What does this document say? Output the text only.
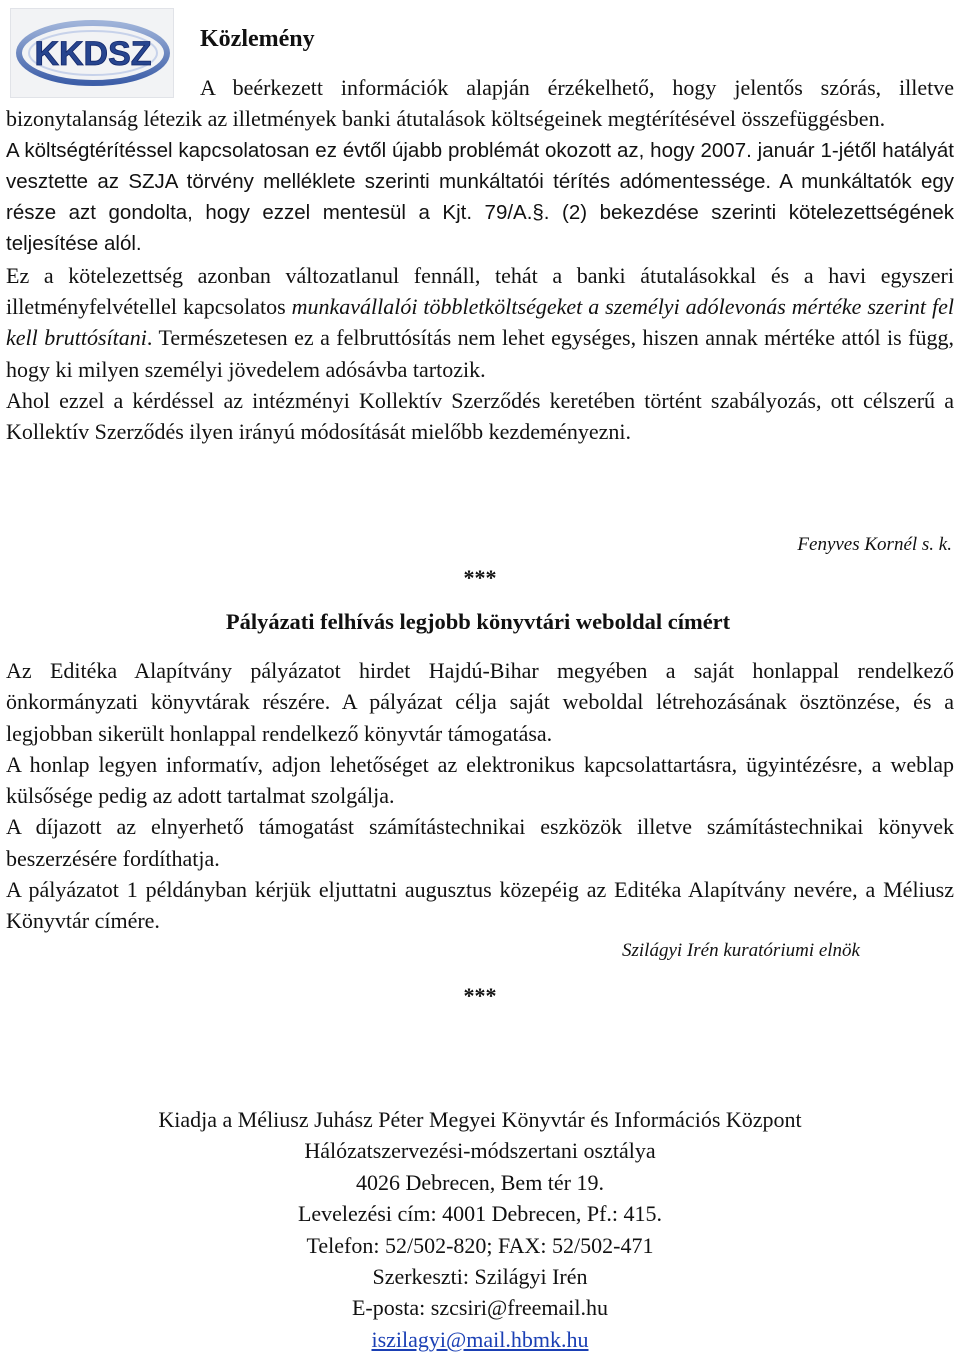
KKDSZ Közlemény

A beérkezett információk alapján érzékelhető, hogy jelentős szórás, illetve bizonytalanság létezik az illetmények banki átutalások költségeinek megtérítésével összefüggésben.

A költségtérítéssel kapcsolatosan ez évtől újabb problémát okozott az, hogy 2007. január 1-jétől hatályát vesztette az SZJA törvény melléklete szerinti munkáltatói térítés adómentessége. A munkáltatók egy része azt gondolta, hogy ezzel mentesül a Kjt. 79/A.§. (2) bekezdése szerinti kötelezettségének teljesítése alól.

Ez a kötelezettség azonban változatlanul fennáll, tehát a banki átutalásokkal és a havi egyszeri illetményfelvétellel kapcsolatos munkavállalói többletköltségeket a személyi adólevonás mértéke szerint fel kell bruttósítani. Természetesen ez a felbruttósítás nem lehet egységes, hiszen annak mértéke attól is függ, hogy ki milyen személyi jövedelem adósávba tartozik.

Ahol ezzel a kérdéssel az intézményi Kollektív Szerződés keretében történt szabályozás, ott célszerű a Kollektív Szerződés ilyen irányú módosítását mielőbb kezdeményezni.

Fenyves Kornél s. k.
***
Pályázati felhívás legjobb könyvtári weboldal címért

Az Editéka Alapítvány pályázatot hirdet Hajdú-Bihar megyében a saját honlappal rendelkező önkormányzati könyvtárak részére. A pályázat célja saját weboldal létrehozásának ösztönzése, és a legjobban sikerült honlappal rendelkező könyvtár támogatása.

A honlap legyen informatív, adjon lehetőséget az elektronikus kapcsolattartásra, ügyintézésre, a weblap külsősége pedig az adott tartalmat szolgálja.

A díjazott az elnyerhető támogatást számítástechnikai eszközök illetve számítástechnikai könyvek beszerzésére fordíthatja.

A pályázatot 1 példányban kérjük eljuttatni augusztus közepéig az Editéka Alapítvány nevére, a Méliusz Könyvtár címére.

Szilágyi Irén kuratóriumi elnök
***
Kiadja a Méliusz Juhász Péter Megyei Könyvtár és Információs Központ
Hálózatszervezési-módszertani osztálya
4026 Debrecen, Bem tér 19.
Levelezési cím: 4001 Debrecen, Pf.: 415.
Telefon: 52/502-820; FAX: 52/502-471
Szerkeszti: Szilágyi Irén
E-posta: szcsiri@freemail.hu
iszilagyi@mail.hbmk.hu
